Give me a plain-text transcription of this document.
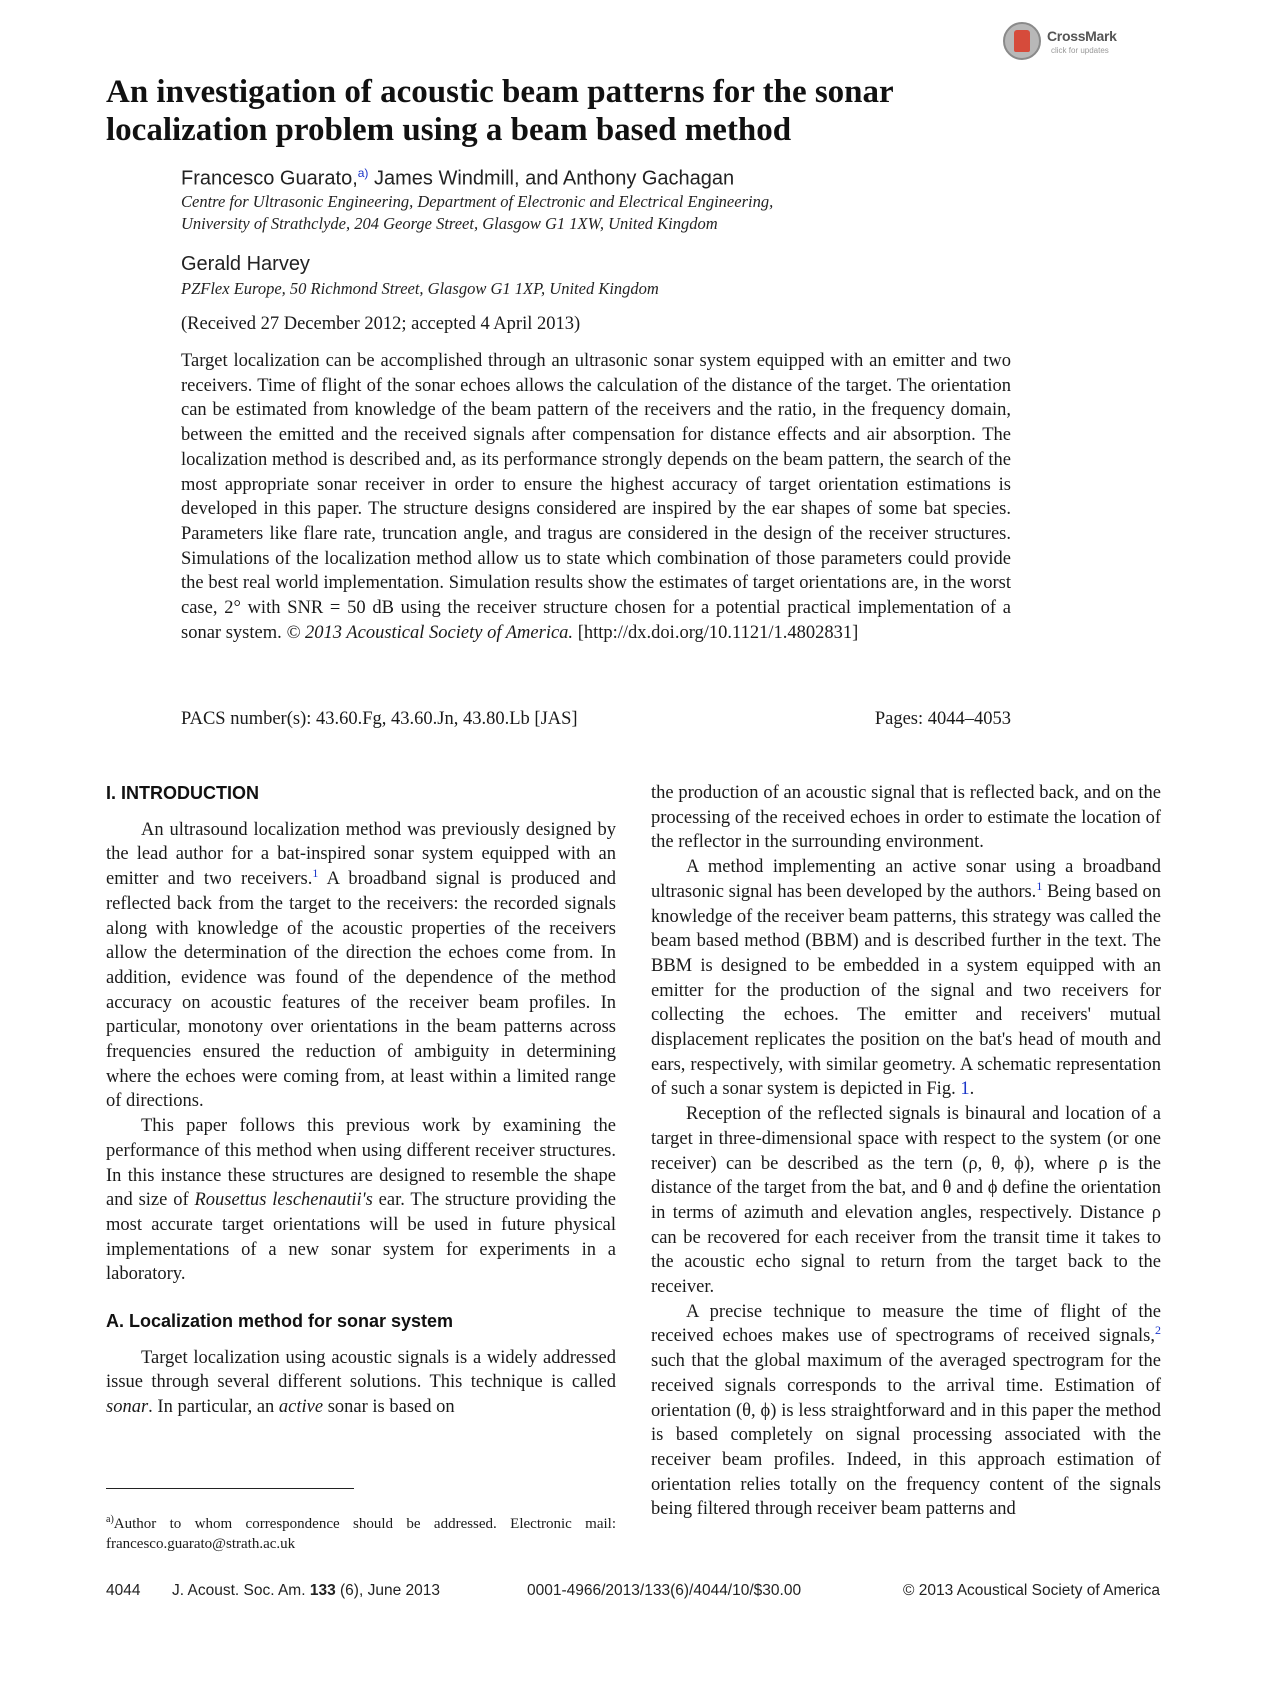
CrossMark
click for updates
An investigation of acoustic beam patterns for the sonar
localization problem using a beam based method
Francesco Guarato,$^{a)}$ James Windmill, and Anthony Gachagan
Centre for Ultrasonic Engineering, Department of Electronic and Electrical Engineering,
University of Strathclyde, 204 George Street, Glasgow G1 1XW, United Kingdom
Gerald Harvey
PZFlex Europe, 50 Richmond Street, Glasgow G1 1XP, United Kingdom
(Received 27 December 2012; accepted 4 April 2013)
Target localization can be accomplished through an ultrasonic sonar system equipped with an emitter and two receivers. Time of flight of the sonar echoes allows the calculation of the distance of the target. The orientation can be estimated from knowledge of the beam pattern of the receivers and the ratio, in the frequency domain, between the emitted and the received signals after compensation for distance effects and air absorption. The localization method is described and, as its performance strongly depends on the beam pattern, the search of the most appropriate sonar receiver in order to ensure the highest accuracy of target orientation estimations is developed in this paper. The structure designs considered are inspired by the ear shapes of some bat species. Parameters like flare rate, truncation angle, and tragus are considered in the design of the receiver structures. Simulations of the localization method allow us to state which combination of those parameters could provide the best real world implementation. Simulation results show the estimates of target orientations are, in the worst case, 2° with SNR = 50 dB using the receiver structure chosen for a potential practical implementation of a sonar system. © 2013 Acoustical Society of America. [http://dx.doi.org/10.1121/1.4802831]
PACS number(s): 43.60.Fg, 43.60.Jn, 43.80.Lb [JAS]	Pages: 4044–4053
I. INTRODUCTION

An ultrasound localization method was previously designed by the lead author for a bat-inspired sonar system equipped with an emitter and two receivers.$^1$ A broadband signal is produced and reflected back from the target to the receivers: the recorded signals along with knowledge of the acoustic properties of the receivers allow the determination of the direction the echoes come from. In addition, evidence was found of the dependence of the method accuracy on acoustic features of the receiver beam profiles. In particular, monotony over orientations in the beam patterns across frequencies ensured the reduction of ambiguity in determining where the echoes were coming from, at least within a limited range of directions.

This paper follows this previous work by examining the performance of this method when using different receiver structures. In this instance these structures are designed to resemble the shape and size of Rousettus leschenautii's ear. The structure providing the most accurate target orientations will be used in future physical implementations of a new sonar system for experiments in a laboratory.

A. Localization method for sonar system

Target localization using acoustic signals is a widely addressed issue through several different solutions. This technique is called sonar. In particular, an active sonar is based on

the production of an acoustic signal that is reflected back, and on the processing of the received echoes in order to estimate the location of the reflector in the surrounding environment.

A method implementing an active sonar using a broadband ultrasonic signal has been developed by the authors.$^1$ Being based on knowledge of the receiver beam patterns, this strategy was called the beam based method (BBM) and is described further in the text. The BBM is designed to be embedded in a system equipped with an emitter for the production of the signal and two receivers for collecting the echoes. The emitter and receivers' mutual displacement replicates the position on the bat's head of mouth and ears, respectively, with similar geometry. A schematic representation of such a sonar system is depicted in Fig. 1.

Reception of the reflected signals is binaural and location of a target in three-dimensional space with respect to the system (or one receiver) can be described as the tern (ρ, θ, ϕ), where ρ is the distance of the target from the bat, and θ and ϕ define the orientation in terms of azimuth and elevation angles, respectively. Distance ρ can be recovered for each receiver from the transit time it takes to the acoustic echo signal to return from the target back to the receiver.

A precise technique to measure the time of flight of the received echoes makes use of spectrograms of received signals,$^2$ such that the global maximum of the averaged spectrogram for the received signals corresponds to the arrival time. Estimation of orientation (θ, ϕ) is less straightforward and in this paper the method is based completely on signal processing associated with the receiver beam profiles. Indeed, in this approach estimation of orientation relies totally on the frequency content of the signals being filtered through receiver beam patterns and

$^{a)}$Author to whom correspondence should be addressed. Electronic mail: francesco.guarato@strath.ac.uk
4044 J. Acoust. Soc. Am. 133 (6), June 2013	0001-4966/2013/133(6)/4044/10/$30.00	© 2013 Acoustical Society of America
